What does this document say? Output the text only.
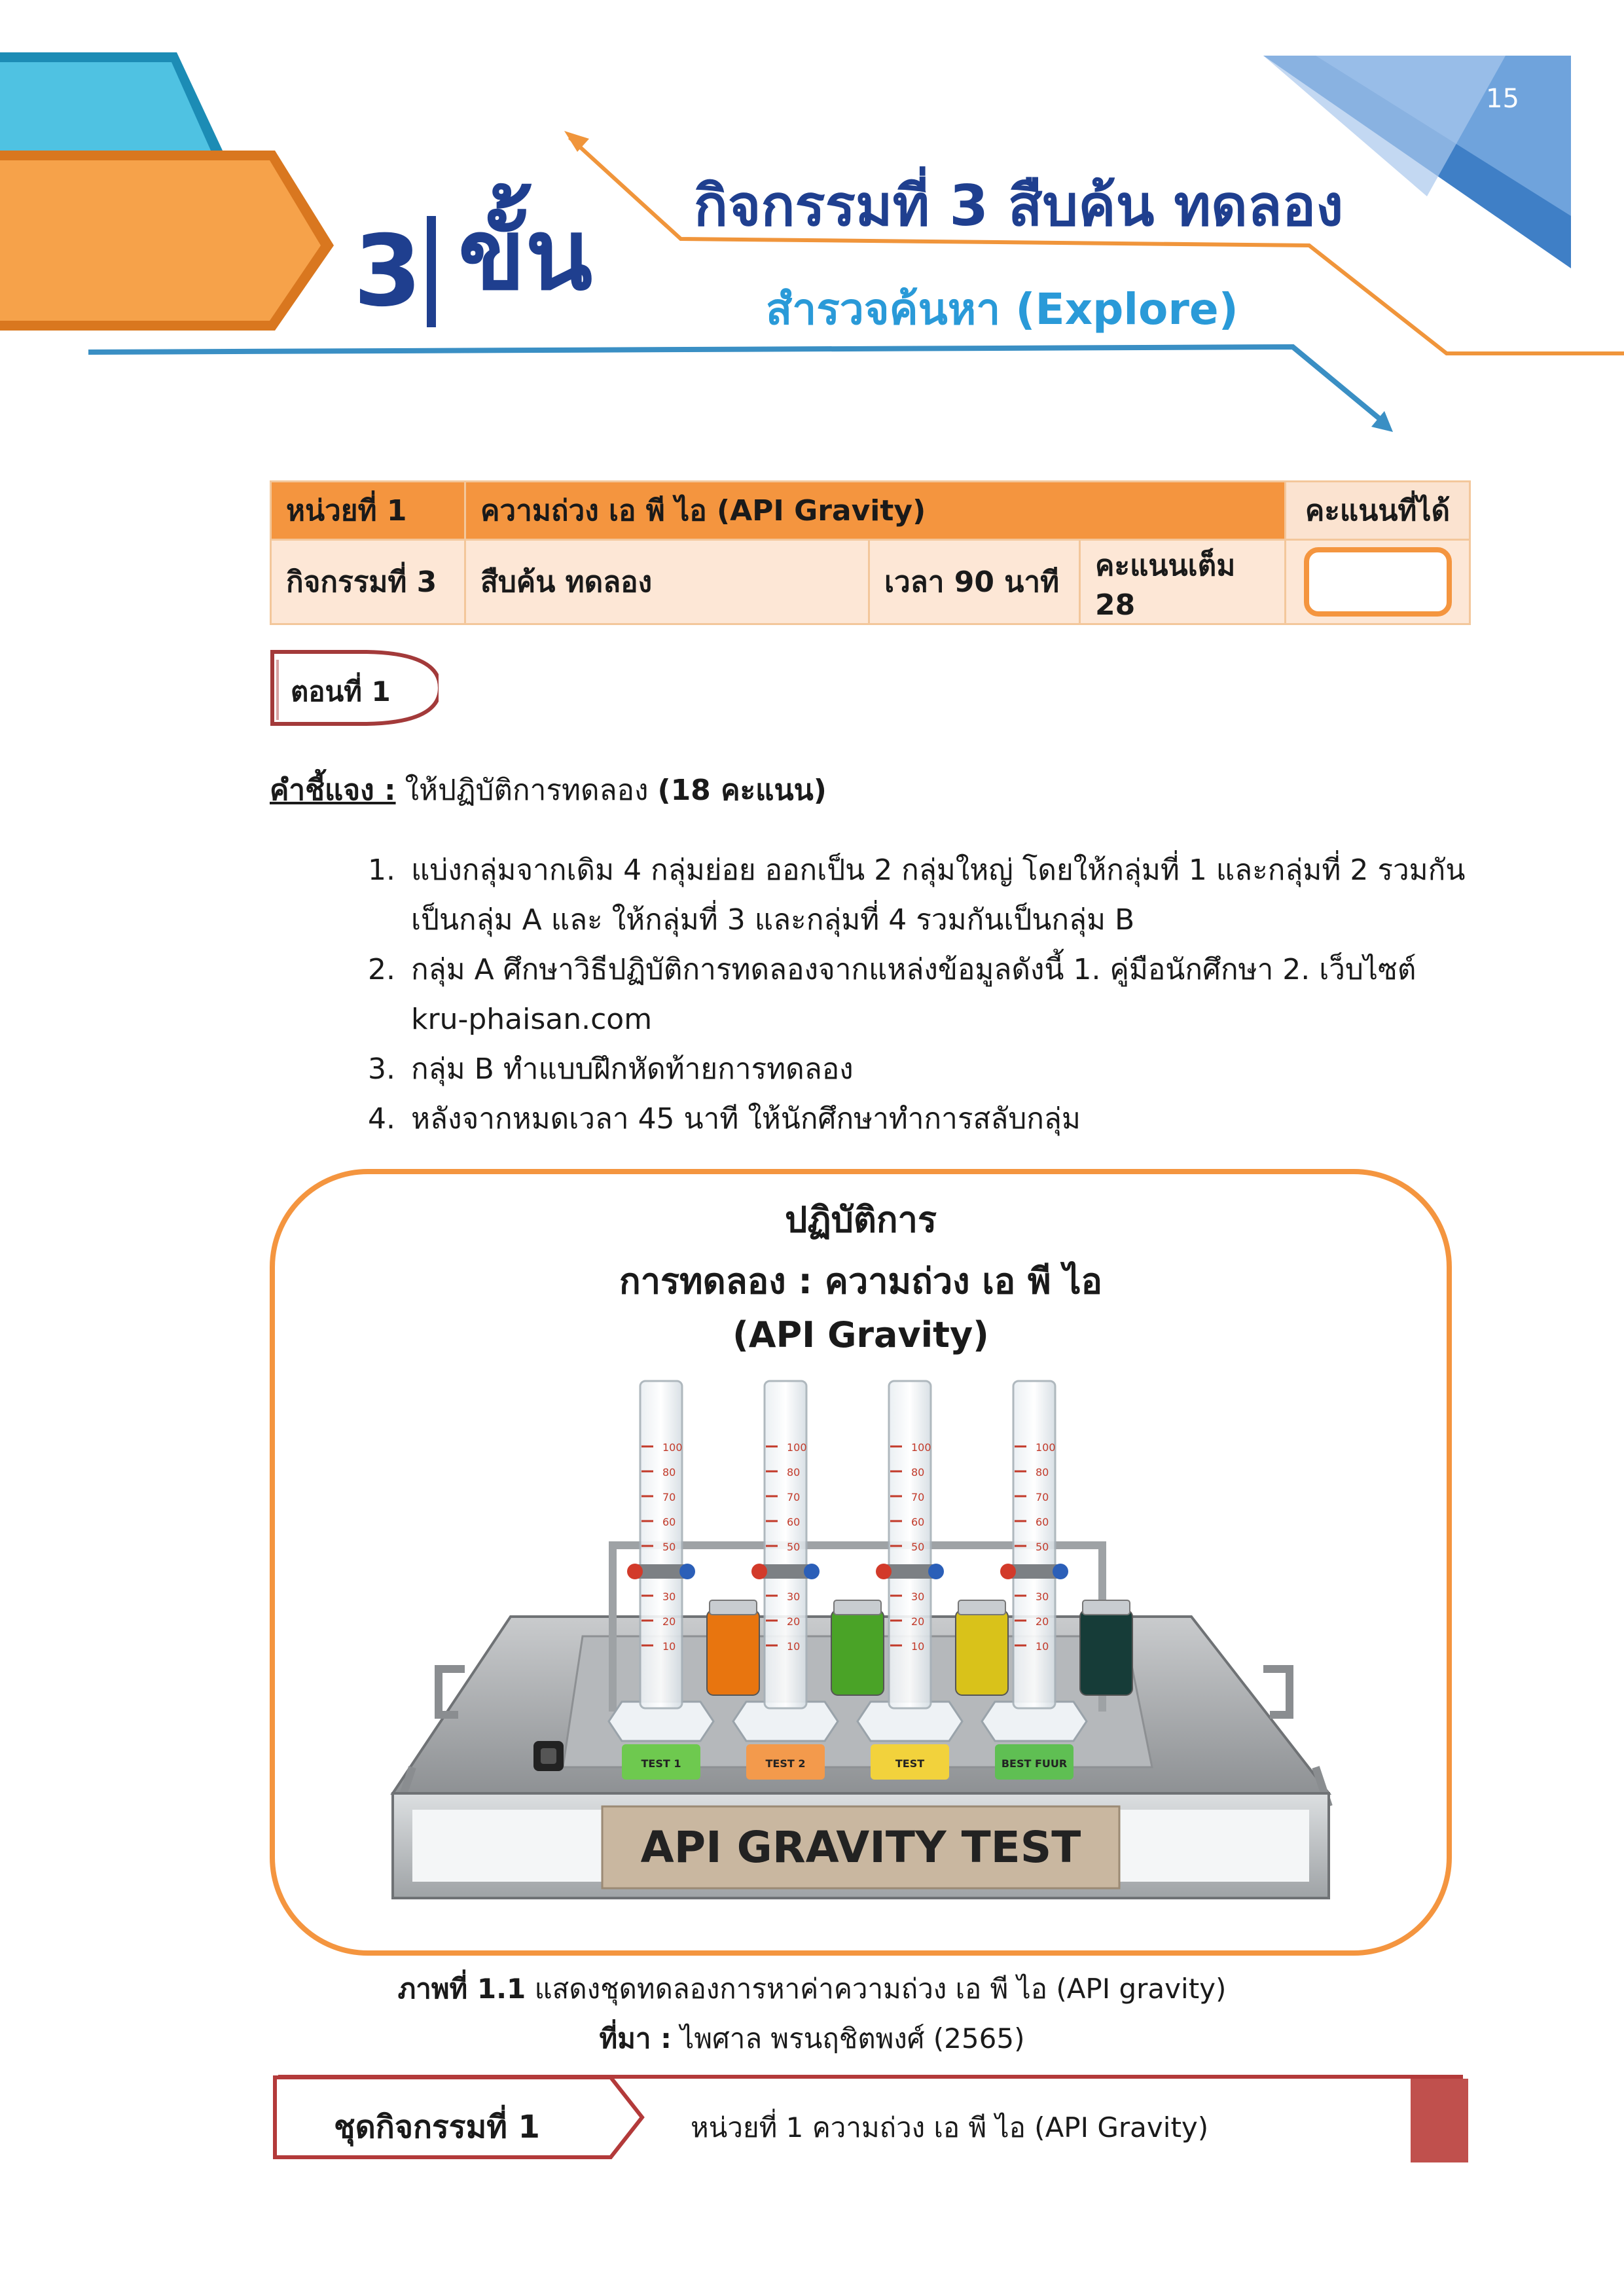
15
3 ขั้น กิจกรรมที่ 3 สืบค้น ทดลอง
สำรวจค้นหา (Explore)
หน่วยที่ 1	ความถ่วง เอ พี ไอ (API Gravity)			คะแนนที่ได้
กิจกรรมที่ 3	สืบค้น ทดลอง	เวลา 90 นาที	คะแนนเต็ม 28	
ตอนที่ 1
คำชี้แจง : ให้ปฏิบัติการทดลอง (18 คะแนน)
1. แบ่งกลุ่มจากเดิม 4 กลุ่มย่อย ออกเป็น 2 กลุ่มใหญ่ โดยให้กลุ่มที่ 1 และกลุ่มที่ 2 รวมกันเป็นกลุ่ม A และ ให้กลุ่มที่ 3 และกลุ่มที่ 4 รวมกันเป็นกลุ่ม B
2. กลุ่ม A ศึกษาวิธีปฏิบัติการทดลองจากแหล่งข้อมูลดังนี้ 1. คู่มือนักศึกษา 2. เว็บไซต์ kru-phaisan.com
3. กลุ่ม B ทำแบบฝึกหัดท้ายการทดลอง
4. หลังจากหมดเวลา 45 นาที ให้นักศึกษาทำการสลับกลุ่ม
ปฏิบัติการ
การทดลอง : ความถ่วง เอ พี ไอ
(API Gravity)
API GRAVITY TEST
100
80
70
60
50
30
20
10
100
80
70
60
50
30
20
10
100
80
70
60
50
30
20
10
100
80
70
60
50
30
20
10
TEST 1	TEST 2	TEST	BEST FUUR
ภาพที่ 1.1 แสดงชุดทดลองการหาค่าความถ่วง เอ พี ไอ (API gravity)
ที่มา : ไพศาล พรนฤชิตพงศ์ (2565)
ชุดกิจกรรมที่ 1	หน่วยที่ 1 ความถ่วง เอ พี ไอ (API Gravity)
